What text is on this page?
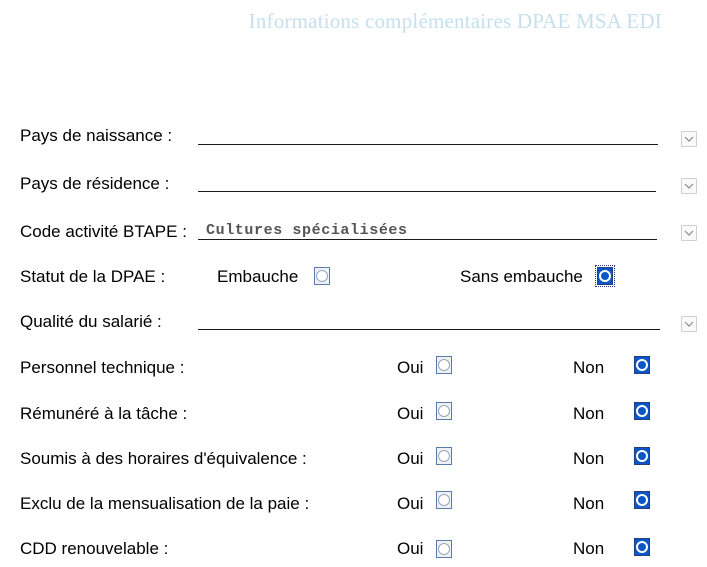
Informations complémentaires DPAE MSA EDI
Pays de naissance :
Pays de résidence :
Code activité BTAPE : Cultures spécialisées
Statut de la DPAE :	Embauche	Sans embauche
Qualité du salarié :
Personnel technique :	Oui	Non
Rémunéré à la tâche :	Oui	Non
Soumis à des horaires d'équivalence :	Oui	Non
Exclu de la mensualisation de la paie :	Oui	Non
CDD renouvelable :	Oui	Non
